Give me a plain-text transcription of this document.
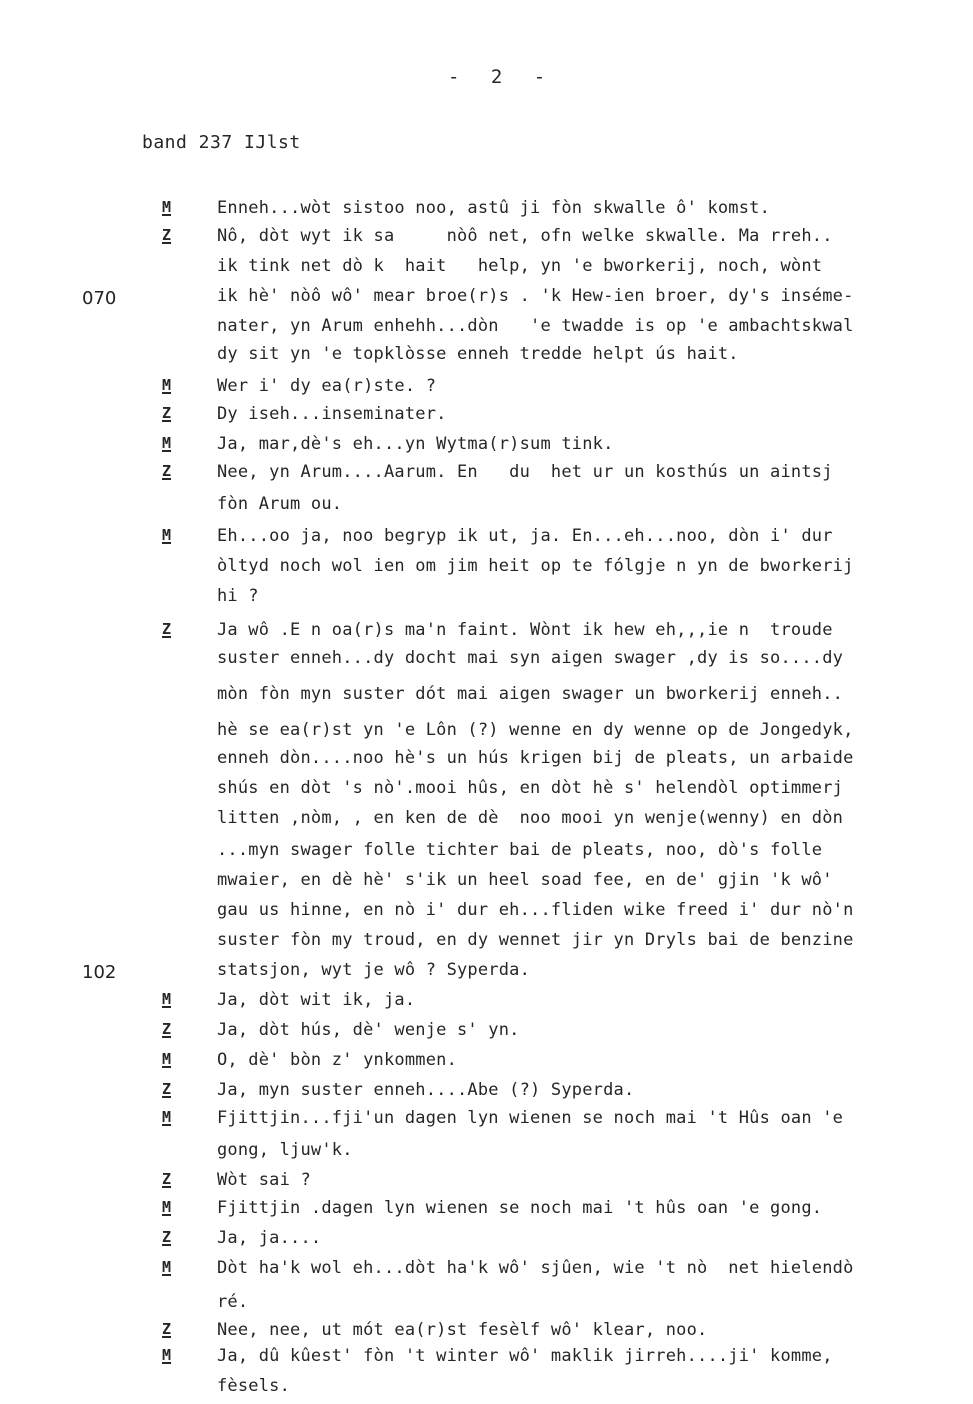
- 2 -
band 237 IJlst
070
102
M	Enneh...wòt sistoo noo, astû ji fòn skwalle ô' komst.
Z	Nô, dòt wyt ik sa     nòô net, ofn welke skwalle. Ma rreh..
ik tink net dò k  hait   help, yn 'e bworkerij, noch, wònt
ik hè' nòô wô' mear broe(r)s . 'k Hew-ien broer, dy's inséme-
nater, yn Arum enhehh...dòn   'e twadde is op 'e ambachtskwal
dy sit yn 'e topklòsse enneh tredde helpt ús hait.
M	Wer i' dy ea(r)ste. ?
Z	Dy iseh...inseminater.
M	Ja, mar,dè's eh...yn Wytma(r)sum tink.
Z	Nee, yn Arum....Aarum. En   du  het ur un kosthús un aintsj
fòn Arum ou.
M	Eh...oo ja, noo begryp ik ut, ja. En...eh...noo, dòn i' dur
òltyd noch wol ien om jim heit op te fólgje n yn de bworkerij
hi ?
Z	Ja wô .E n oa(r)s ma'n faint. Wònt ik hew eh,,,ie n  troude
suster enneh...dy docht mai syn aigen swager ,dy is so....dy
mòn fòn myn suster dót mai aigen swager un bworkerij enneh..
hè se ea(r)st yn 'e Lôn (?) wenne en dy wenne op de Jongedyk,
enneh dòn....noo hè's un hús krigen bij de pleats, un arbaide
shús en dòt 's nò'.mooi hûs, en dòt hè s' helendòl optimmerj
litten ,nòm, , en ken de dè  noo mooi yn wenje(wenny) en dòn
...myn swager folle tichter bai de pleats, noo, dò's folle
mwaier, en dè hè' s'ik un heel soad fee, en de' gjin 'k wô'
gau us hinne, en nò i' dur eh...fliden wike freed i' dur nò'n
suster fòn my troud, en dy wennet jir yn Dryls bai de benzine
statsjon, wyt je wô ? Syperda.
M	Ja, dòt wit ik, ja.
Z	Ja, dòt hús, dè' wenje s' yn.
M	O, dè' bòn z' ynkommen.
Z	Ja, myn suster enneh....Abe (?) Syperda.
M	Fjittjin...fji'un dagen lyn wienen se noch mai 't Hûs oan 'e
gong, ljuw'k.
Z	Wòt sai ?
M	Fjittjin .dagen lyn wienen se noch mai 't hûs oan 'e gong.
Z	Ja, ja....
M	Dòt ha'k wol eh...dòt ha'k wô' sjûen, wie 't nò  net hielendò
ré.
Z	Nee, nee, ut mót ea(r)st fesèlf wô' klear, noo.
M	Ja, dû kûest' fòn 't winter wô' maklik jirreh....ji' komme,
fèsels.
